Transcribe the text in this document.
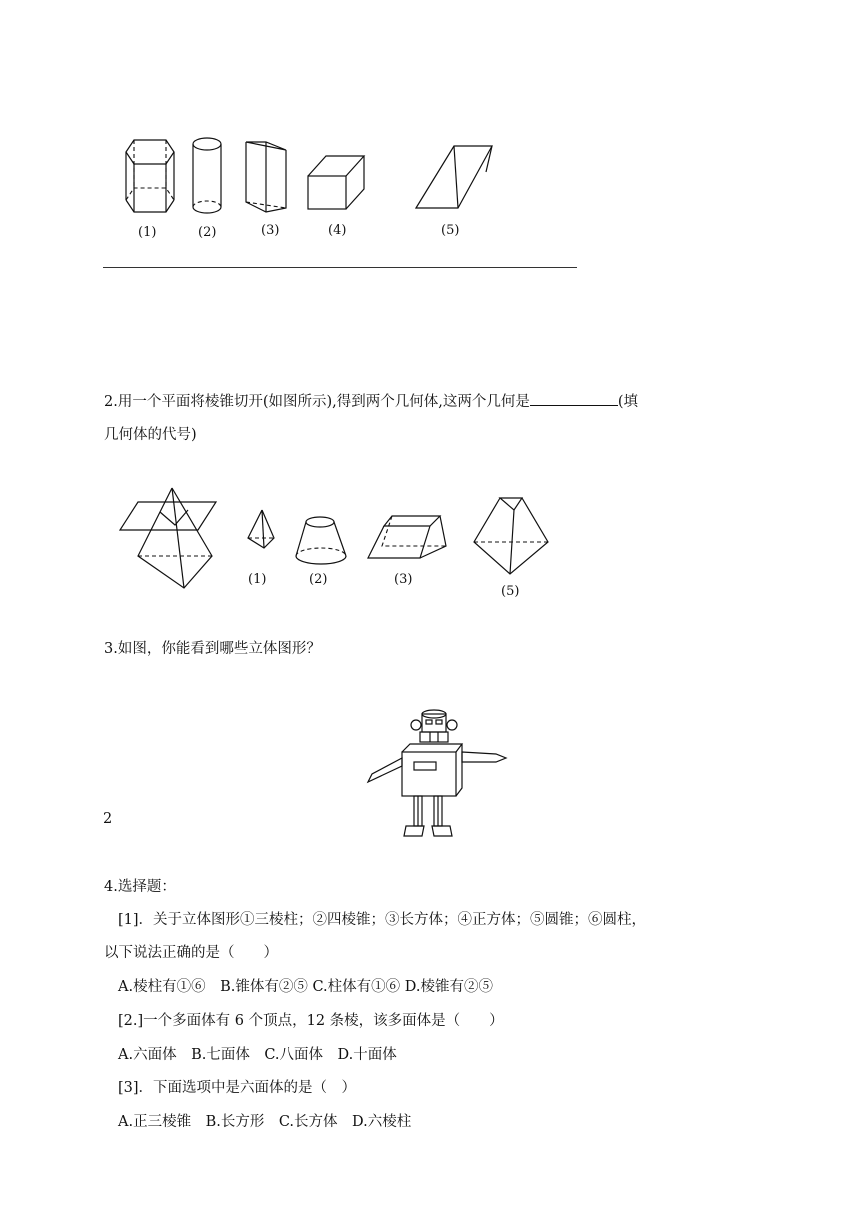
(1)	(2)	(3)	(4)	(5)
2.用一个平面将棱锥切开(如图所示),得到两个几何体,这两个几何是	(填
几何体的代号)
(1)	(2)	(3)
(5)
3.如图，你能看到哪些立体图形？
2
4.选择题：
[1]．关于立体图形①三棱柱；②四棱锥；③长方体；④正方体；⑤圆锥；⑥圆柱，
以下说法正确的是（　　）
A.棱柱有①⑥　B.锥体有②⑤ C.柱体有①⑥ D.棱锥有②⑤
[2.]一个多面体有 6 个顶点，12 条棱，该多面体是（　　）
A.六面体　B.七面体　C.八面体　D.十面体
[3]．下面选项中是六面体的是（　）
A.正三棱锥　B.长方形　C.长方体　D.六棱柱
